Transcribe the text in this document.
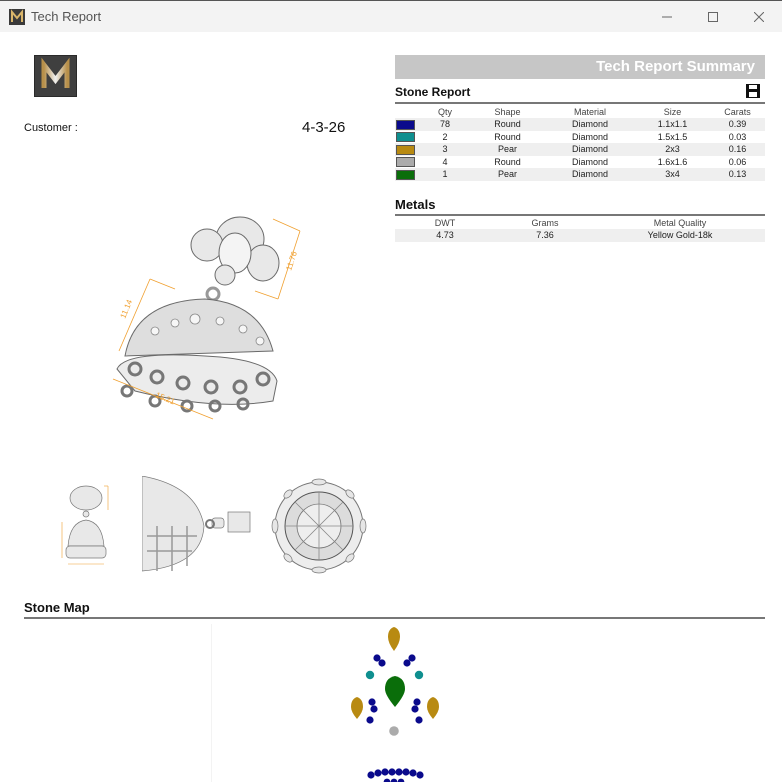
Tech Report
Customer :	4-3-26
11.76
11.14
15.21
Tech Report Summary
Stone Report
	Qty	Shape	Material	Size	Carats

	78	Round	Diamond	1.1x1.1	0.39

	2	Round	Diamond	1.5x1.5	0.03

	3	Pear	Diamond	2x3	0.16

	4	Round	Diamond	1.6x1.6	0.06

	1	Pear	Diamond	3x4	0.13
Metals
DWT	Grams	Metal Quality
4.73	7.36	Yellow Gold-18k
Stone Map
